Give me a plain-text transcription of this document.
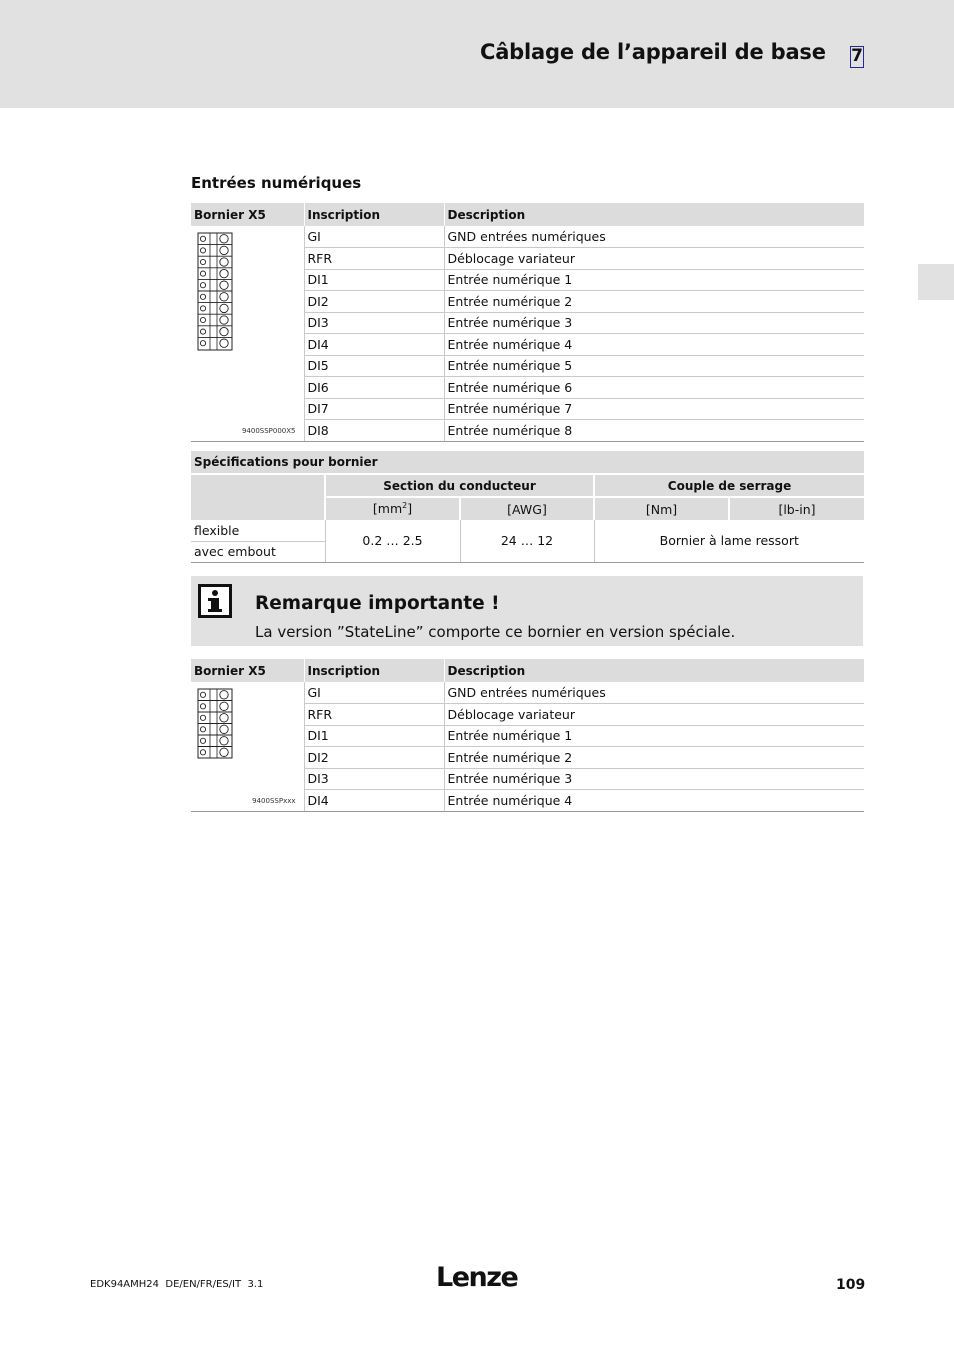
Câblage de l’appareil de base 7
Entrées numériques
Bornier X5	Inscription	Description

9400SSP000X5	GI	GND entrées numériques
	RFR	Déblocage variateur
	DI1	Entrée numérique 1
	DI2	Entrée numérique 2
	DI3	Entrée numérique 3
	DI4	Entrée numérique 4
	DI5	Entrée numérique 5
	DI6	Entrée numérique 6
	DI7	Entrée numérique 7
	DI8	Entrée numérique 8
Spécifications pour bornier				
	Section du conducteur		Couple de serrage	
	$[mm^2]$	[AWG]	[Nm]	[lb-in]
flexible	0.2 … 2.5	24 … 12	Bornier à lame ressort	
avec embout				
Remarque importante !
La version ”StateLine” comporte ce bornier en version spéciale.
Bornier X5	Inscription	Description

9400SSPxxx	GI	GND entrées numériques
	RFR	Déblocage variateur
	DI1	Entrée numérique 1
	DI2	Entrée numérique 2
	DI3	Entrée numérique 3
	DI4	Entrée numérique 4
EDK94AMH24  DE/EN/FR/ES/IT  3.1	Lenze	109
